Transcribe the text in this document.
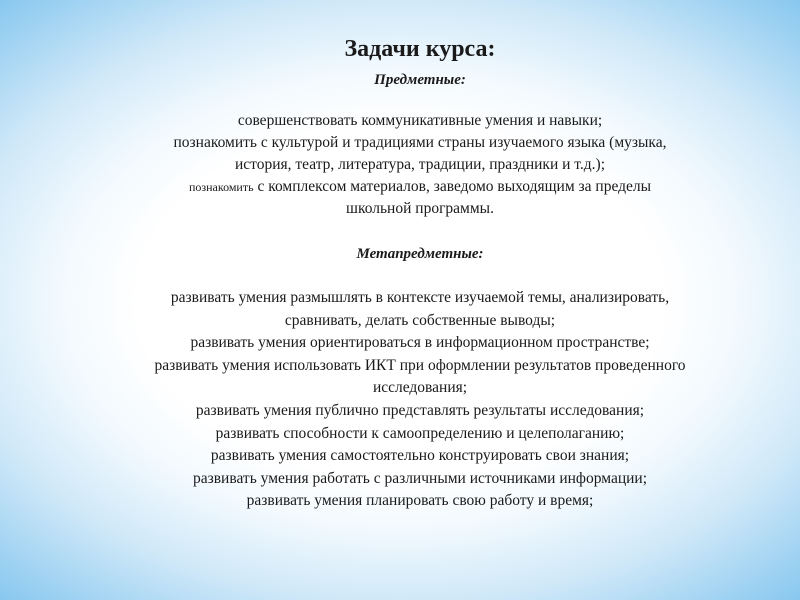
Задачи курса:
Предметные:
совершенствовать коммуникативные умения и навыки;
познакомить с культурой и традициями страны изучаемого языка (музыка,
история, театр, литература, традиции, праздники и т.д.);
познакомить с комплексом материалов, заведомо выходящим за пределы
школьной программы.
Метапредметные:
развивать умения размышлять в контексте изучаемой темы, анализировать,
сравнивать, делать собственные выводы;
развивать умения ориентироваться в информационном пространстве;
развивать умения использовать ИКТ при оформлении результатов проведенного
исследования;
развивать умения публично представлять результаты исследования;
развивать способности к самоопределению и целеполаганию;
развивать умения самостоятельно конструировать свои знания;
развивать умения работать с различными источниками информации;
развивать умения планировать свою работу и время;
